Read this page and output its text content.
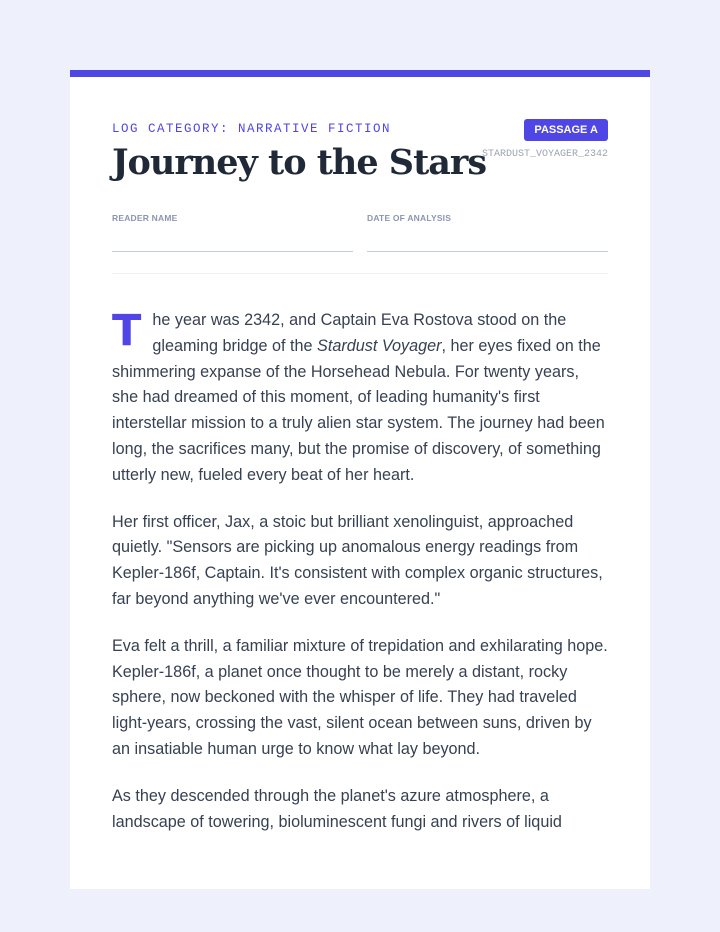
LOG CATEGORY: NARRATIVE FICTION
Journey to the Stars
PASSAGE A
STARDUST_VOYAGER_2342
READER NAME	DATE OF ANALYSIS

The year was 2342, and Captain Eva Rostova stood on the gleaming bridge of the Stardust Voyager, her eyes fixed on the shimmering expanse of the Horsehead Nebula. For twenty years, she had dreamed of this moment, of leading humanity's first interstellar mission to a truly alien star system. The journey had been long, the sacrifices many, but the promise of discovery, of something utterly new, fueled every beat of her heart.

Her first officer, Jax, a stoic but brilliant xenolinguist, approached quietly. "Sensors are picking up anomalous energy readings from Kepler-186f, Captain. It's consistent with complex organic structures, far beyond anything we've ever encountered."

Eva felt a thrill, a familiar mixture of trepidation and exhilarating hope. Kepler-186f, a planet once thought to be merely a distant, rocky sphere, now beckoned with the whisper of life. They had traveled light-years, crossing the vast, silent ocean between suns, driven by an insatiable human urge to know what lay beyond.

As they descended through the planet's azure atmosphere, a landscape of towering, bioluminescent fungi and rivers of liquid
